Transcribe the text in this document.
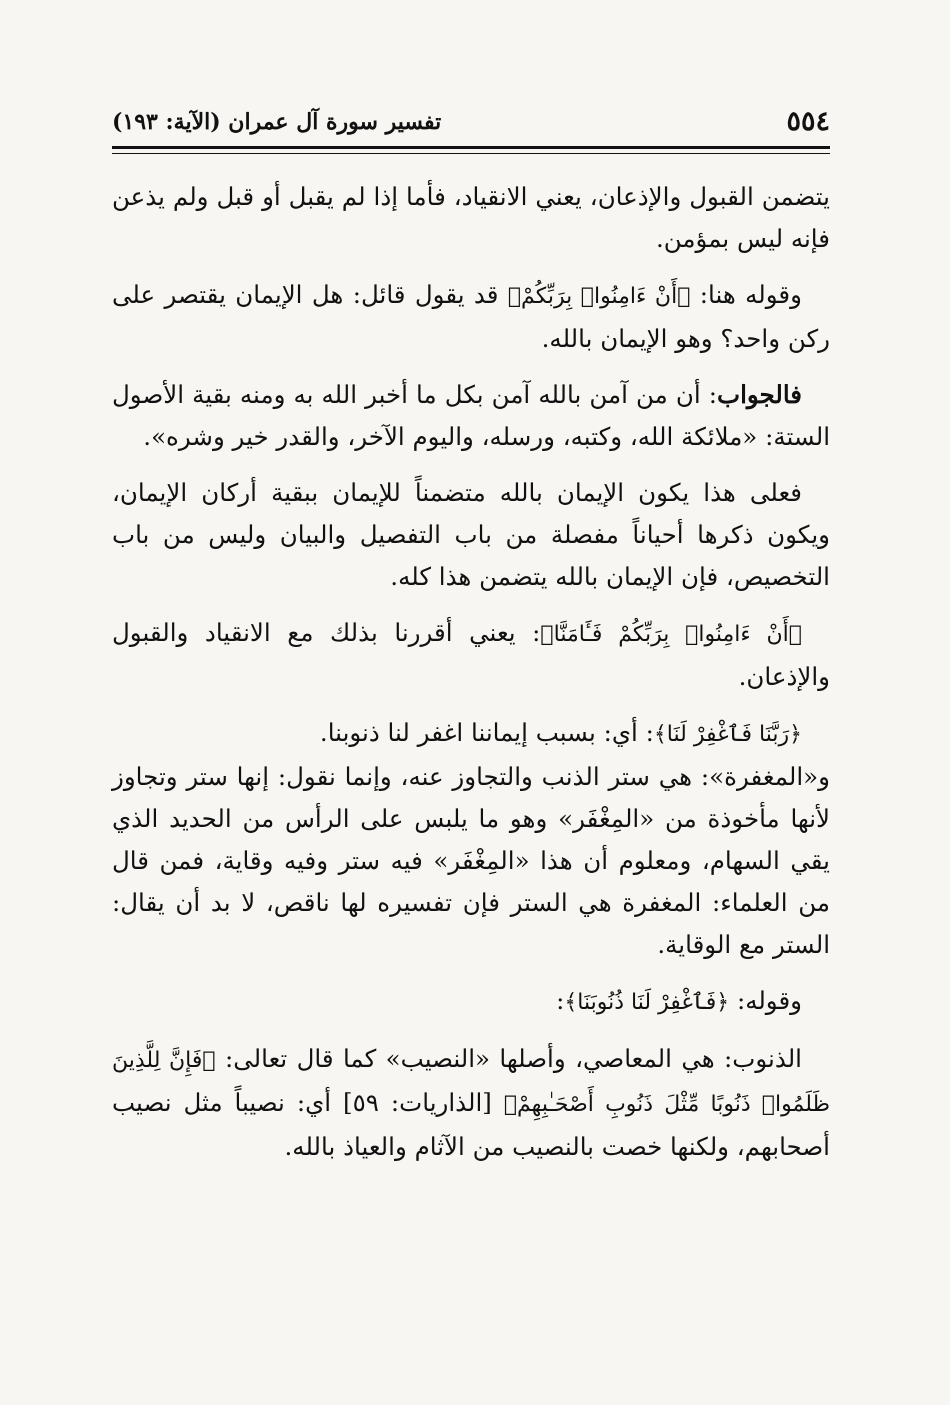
٥٥٤
تفسير سورة آل عمران (الآية: ١٩٣)

يتضمن القبول والإذعان، يعني الانقياد، فأما إذا لم يقبل أو قبل ولم يذعن فإنه ليس بمؤمن.

وقوله هنا: ﴿أَنْ ءَامِنُوا۟ بِرَبِّكُمْ﴾ قد يقول قائل: هل الإيمان يقتصر على ركن واحد؟ وهو الإيمان بالله.

فالجواب: أن من آمن بالله آمن بكل ما أخبر الله به ومنه بقية الأصول الستة: «ملائكة الله، وكتبه، ورسله، واليوم الآخر، والقدر خير وشره».

فعلى هذا يكون الإيمان بالله متضمناً للإيمان ببقية أركان الإيمان، ويكون ذكرها أحياناً مفصلة من باب التفصيل والبيان وليس من باب التخصيص، فإن الإيمان بالله يتضمن هذا كله.

﴿أَنْ ءَامِنُوا۟ بِرَبِّكُمْ فَـَٔامَنَّا﴾: يعني أقررنا بذلك مع الانقياد والقبول والإذعان.

﴿رَبَّنَا فَٱغْفِرْ لَنَا﴾: أي: بسبب إيماننا اغفر لنا ذنوبنا.

و«المغفرة»: هي ستر الذنب والتجاوز عنه، وإنما نقول: إنها ستر وتجاوز لأنها مأخوذة من «المِغْفَر» وهو ما يلبس على الرأس من الحديد الذي يقي السهام، ومعلوم أن هذا «المِغْفَر» فيه ستر وفيه وقاية، فمن قال من العلماء: المغفرة هي الستر فإن تفسيره لها ناقص، لا بد أن يقال: الستر مع الوقاية.

وقوله: ﴿فَٱغْفِرْ لَنَا ذُنُوبَنَا﴾:

الذنوب: هي المعاصي، وأصلها «النصيب» كما قال تعالى: ﴿فَإِنَّ لِلَّذِينَ ظَلَمُوا۟ ذَنُوبًا مِّثْلَ ذَنُوبِ أَصْحَـٰبِهِمْ﴾ [الذاريات: ٥٩] أي: نصيباً مثل نصيب أصحابهم، ولكنها خصت بالنصيب من الآثام والعياذ بالله.
